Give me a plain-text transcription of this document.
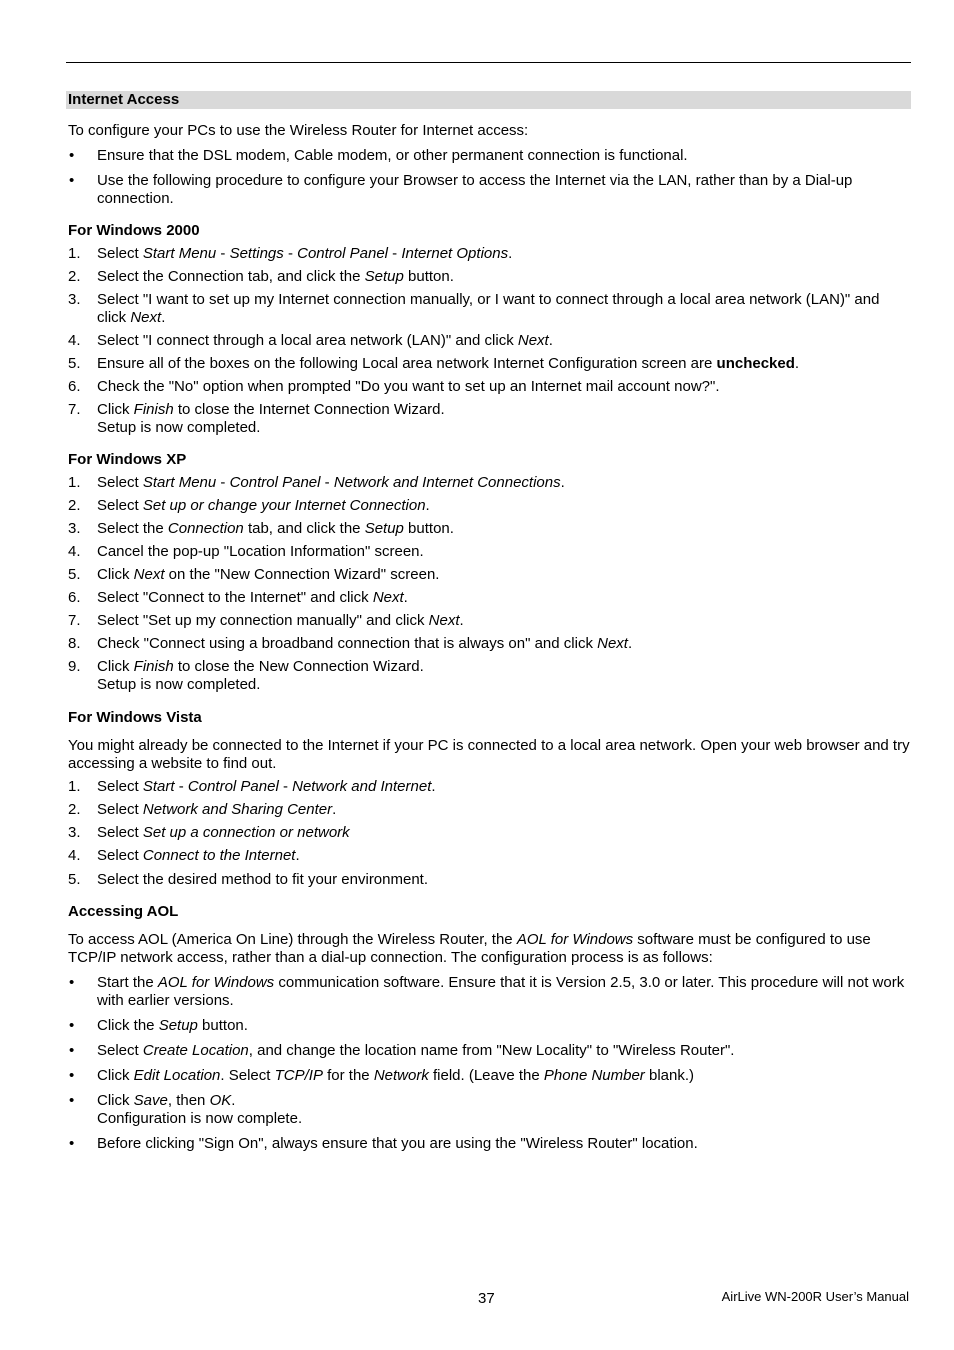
Internet Access

To configure your PCs to use the Wireless Router for Internet access:

• Ensure that the DSL modem, Cable modem, or other permanent connection is functional.
• Use the following procedure to configure your Browser to access the Internet via the LAN, rather than by a Dial-up connection.

For Windows 2000

1. Select Start Menu - Settings - Control Panel - Internet Options.
2. Select the Connection tab, and click the Setup button.
3. Select "I want to set up my Internet connection manually, or I want to connect through a local area network (LAN)" and click Next.
4. Select "I connect through a local area network (LAN)" and click Next.
5. Ensure all of the boxes on the following Local area network Internet Configuration screen are unchecked.
6. Check the "No" option when prompted "Do you want to set up an Internet mail account now?".
7. Click Finish to close the Internet Connection Wizard.
Setup is now completed.

For Windows XP

1. Select Start Menu - Control Panel - Network and Internet Connections.
2. Select Set up or change your Internet Connection.
3. Select the Connection tab, and click the Setup button.
4. Cancel the pop-up "Location Information" screen.
5. Click Next on the "New Connection Wizard" screen.
6. Select "Connect to the Internet" and click Next.
7. Select "Set up my connection manually" and click Next.
8. Check "Connect using a broadband connection that is always on" and click Next.
9. Click Finish to close the New Connection Wizard.
Setup is now completed.

For Windows Vista

You might already be connected to the Internet if your PC is connected to a local area network. Open your web browser and try accessing a website to find out.

1. Select Start - Control Panel - Network and Internet.
2. Select Network and Sharing Center.
3. Select Set up a connection or network
4. Select Connect to the Internet.
5. Select the desired method to fit your environment.

Accessing AOL

To access AOL (America On Line) through the Wireless Router, the AOL for Windows software must be configured to use TCP/IP network access, rather than a dial-up connection. The configuration process is as follows:

• Start the AOL for Windows communication software. Ensure that it is Version 2.5, 3.0 or later. This procedure will not work with earlier versions.
• Click the Setup button.
• Select Create Location, and change the location name from "New Locality" to "Wireless Router".
• Click Edit Location. Select TCP/IP for the Network field. (Leave the Phone Number blank.)
• Click Save, then OK.
Configuration is now complete.
• Before clicking "Sign On", always ensure that you are using the "Wireless Router" location.
37	AirLive WN-200R User’s Manual
